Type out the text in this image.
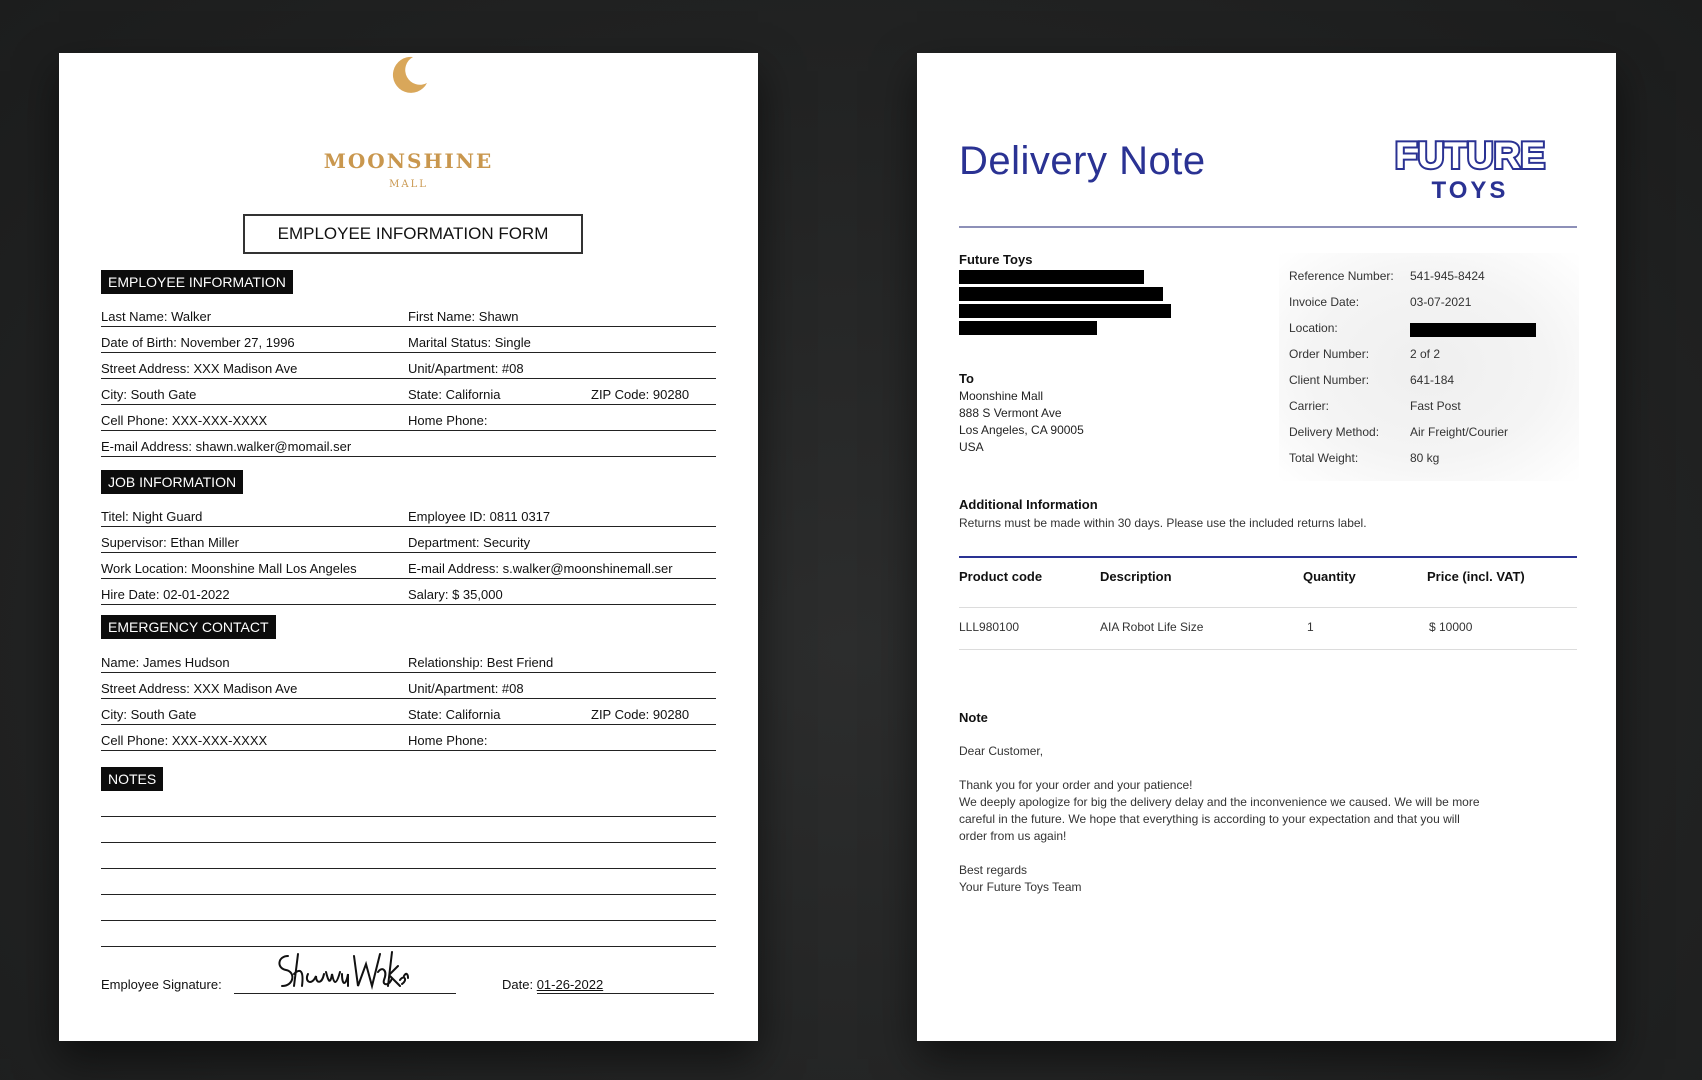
MOONSHINE
MALL
EMPLOYEE INFORMATION FORM
EMPLOYEE INFORMATION
Last Name: Walker	First Name: Shawn
Date of Birth: November 27, 1996	Marital Status: Single
Street Address: XXX Madison Ave	Unit/Apartment: #08
City: South Gate	State: California	ZIP Code: 90280
Cell Phone: XXX-XXX-XXXX	Home Phone:
E-mail Address: shawn.walker@momail.ser
JOB INFORMATION
Titel: Night Guard	Employee ID: 0811 0317
Supervisor: Ethan Miller	Department: Security
Work Location: Moonshine Mall Los Angeles	E-mail Address: s.walker@moonshinemall.ser
Hire Date: 02-01-2022	Salary: $ 35,000
EMERGENCY CONTACT
Name: James Hudson	Relationship: Best Friend
Street Address: XXX Madison Ave	Unit/Apartment: #08
City: South Gate	State: California	ZIP Code: 90280
Cell Phone: XXX-XXX-XXXX	Home Phone:
NOTES
Employee Signature:	Date: 01-26-2022
Delivery Note	FUTURE
TOYS
Future Toys
To
Moonshine Mall
888 S Vermont Ave
Los Angeles, CA 90005
USA
Reference Number: 541-945-8424
Invoice Date:	03-07-2021
Location:
Order Number:	2 of 2
Client Number:	641-184
Carrier:	Fast Post
Delivery Method:	Air Freight/Courier
Total Weight:	80 kg
Additional Information
Returns must be made within 30 days. Please use the included returns label.
Product code	Description	Quantity	Price (incl. VAT)
LLL980100	AIA Robot Life Size	1	$ 10000
Note
Dear Customer,
Thank you for your order and your patience!
We deeply apologize for big the delivery delay and the inconvenience we caused. We will be more
careful in the future. We hope that everything is according to your expectation and that you will
order from us again!
Best regards
Your Future Toys Team
